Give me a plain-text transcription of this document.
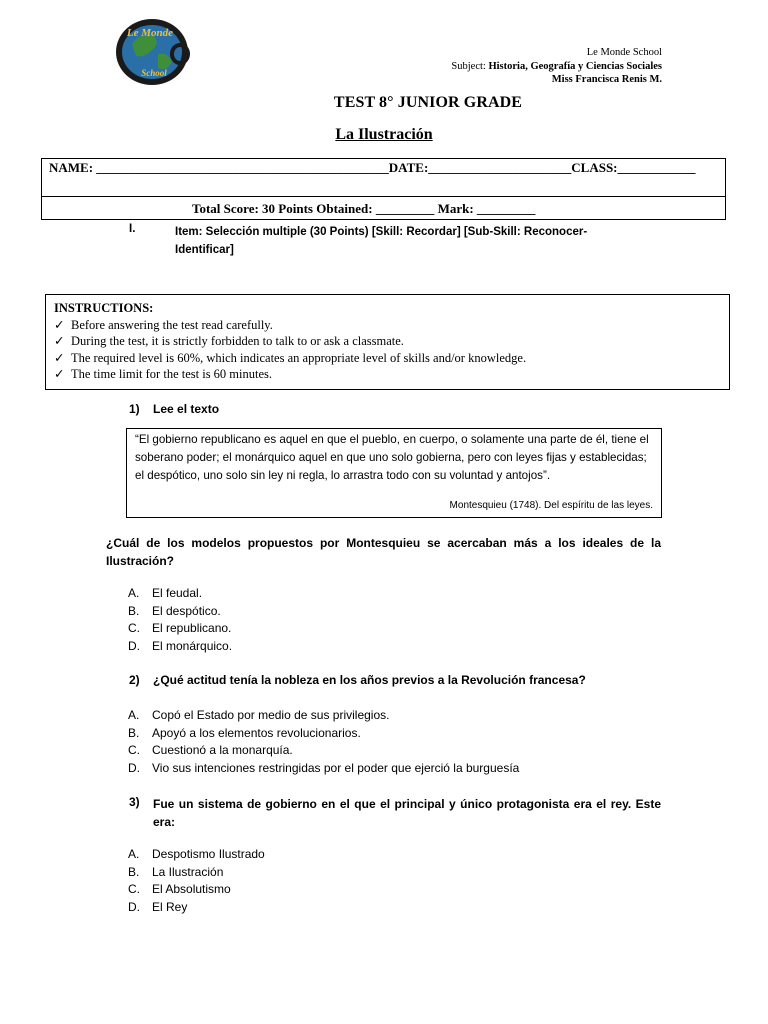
Le Monde
School
Le Monde School
Subject: Historia, Geografía y Ciencias Sociales
Miss Francisca Renis M.
TEST 8° JUNIOR GRADE
La Ilustración
NAME: _____________________________________________DATE:______________________CLASS:____________
Total Score: 30 Points Obtained: _________ Mark: _________
I.	Item: Selección multiple (30 Points) [Skill: Recordar] [Sub-Skill: Reconocer-Identificar]
INSTRUCTIONS:
✓ Before answering the test read carefully.
✓ During the test, it is strictly forbidden to talk to or ask a classmate.
✓ The required level is 60%, which indicates an appropriate level of skills and/or knowledge.
✓ The time limit for the test is 60 minutes.
1)    Lee el texto
“El gobierno republicano es aquel en que el pueblo, en cuerpo, o solamente una parte de él, tiene el soberano poder; el monárquico aquel en que uno solo gobierna, pero con leyes fijas y establecidas; el despótico, uno solo sin ley ni regla, lo arrastra todo con su voluntad y antojos”.
Montesquieu (1748). Del espíritu de las leyes.
¿Cuál de los modelos propuestos por Montesquieu se acercaban más a los ideales de la Ilustración?
A.	El feudal.
B.	El despótico.
C.	El republicano.
D.	El monárquico.
2)    ¿Qué actitud tenía la nobleza en los años previos a la Revolución francesa?
A.	Copó el Estado por medio de sus privilegios.
B.	Apoyó a los elementos revolucionarios.
C.	Cuestionó a la monarquía.
D.	Vio sus intenciones restringidas por el poder que ejerció la burguesía
3) Fue un sistema de gobierno en el que el principal y único protagonista era el rey. Este era:
A.	Despotismo Ilustrado
B.	La Ilustración
C.	El Absolutismo
D.	El Rey
